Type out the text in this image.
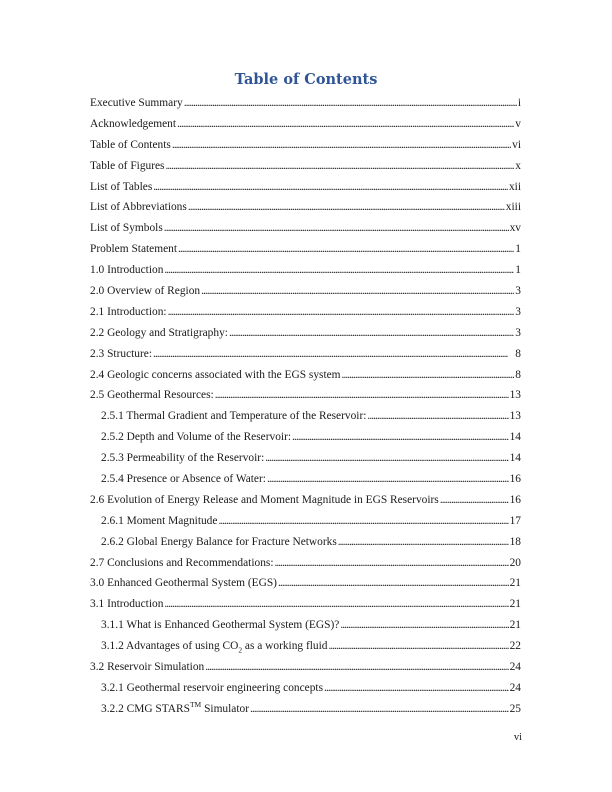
Table of Contents
Executive Summary . . .	i
Acknowledgement . . .	v
Table of Contents . . .	vi
Table of Figures . . .	x
List of Tables . . .	xii
List of Abbreviations . . .	xiii
List of Symbols . . .	xv
Problem Statement . . .	1
1.0 Introduction . . .	1
2.0 Overview of Region . . .	3
2.1 Introduction: . . .	3
2.2 Geology and Stratigraphy: . . .	3
2.3 Structure: . . .	8
2.4 Geologic concerns associated with the EGS system . . .	8
2.5 Geothermal Resources: . . .	13
2.5.1 Thermal Gradient and Temperature of the Reservoir: . . .	13
2.5.2 Depth and Volume of the Reservoir: . . .	14
2.5.3 Permeability of the Reservoir: . . .	14
2.5.4 Presence or Absence of Water: . . .	16
2.6 Evolution of Energy Release and Moment Magnitude in EGS Reservoirs . . .	16
2.6.1 Moment Magnitude . . .	17
2.6.2 Global Energy Balance for Fracture Networks . . .	18
2.7 Conclusions and Recommendations: . . .	20
3.0 Enhanced Geothermal System (EGS) . . .	21
3.1 Introduction . . .	21
3.1.1 What is Enhanced Geothermal System (EGS)? . . .	21
3.1.2 Advantages of using $CO_2$ as a working fluid . . .	22
3.2 Reservoir Simulation . . .	24
3.2.1 Geothermal reservoir engineering concepts . . .	24
3.2.2 CMG STARS™ Simulator . . .	25
vi
